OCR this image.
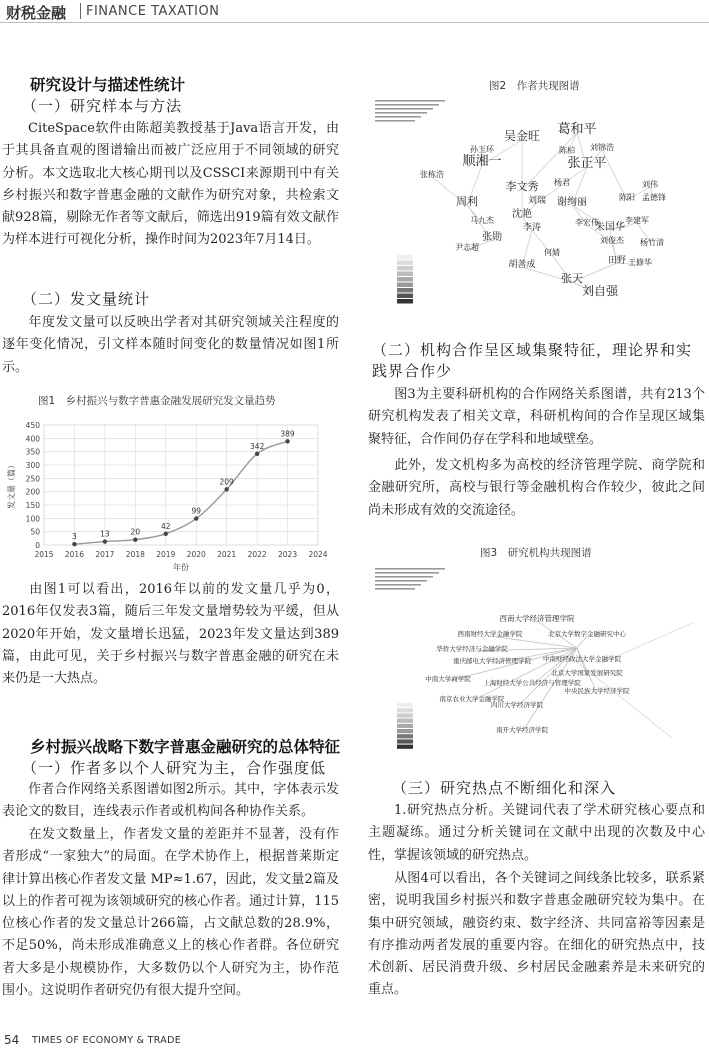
财税金融 FINANCE TAXATION
研究设计与描述性统计
（一）研究样本与方法
CiteSpace软件由陈超美教授基于Java语言开发，由于其具备直观的图谱输出而被广泛应用于不同领域的研究分析。本文选取北大核心期刊以及CSSCI来源期刊中有关乡村振兴和数字普惠金融的文献作为研究对象，共检索文献928篇，剔除无作者等文献后，筛选出919篇有效文献作为样本进行可视化分析，操作时间为2023年7月14日。
（二）发文量统计
年度发文量可以反映出学者对其研究领域关注程度的逐年变化情况，引文样本随时间变化的数量情况如图1所示。
图1　乡村振兴与数字普惠金融发展研究发文量趋势
0
50
100
150
200
250
300
350
400
450
2015 2016 2017 2018 2019 2020 2021 2022 2023 2024
3	13	20
42
99
209
342
389
年份
发文量（篇）
由图1可以看出，2016年以前的发文量几乎为0，2016年仅发表3篇，随后三年发文量增势较为平缓，但从2020年开始，发文量增长迅猛，2023年发文量达到389篇，由此可见，关于乡村振兴与数字普惠金融的研究在未来仍是一大热点。
乡村振兴战略下数字普惠金融研究的总体特征
（一）作者多以个人研究为主，合作强度低
作者合作网络关系图谱如图2所示。其中，字体表示发表论文的数目，连线表示作者或机构间各种协作关系。
在发文数量上，作者发文量的差距并不显著，没有作者形成“一家独大”的局面。在学术协作上，根据普莱斯定律计算出核心作者发文量 MP≈1.67，因此，发文量2篇及以上的作者可视为该领域研究的核心作者。通过计算，115 位核心作者的发文量总计266篇，占文献总数的28.9%，不足50%，尚未形成准确意义上的核心作者群。各位研究者大多是小规模协作，大多数仍以个人研究为主，协作范围小。这说明作者研究仍有很大提升空间。
图2　作者共现图谱
葛和平
吴金旺
顺湘一	张正平
李文秀
周利
沈艳
谢绚丽
张勋
刘自强
张天
朱国华
李涛
田野
胡善成
刘瑞
杨君
陈柏 刘锦浩
李宏伟
陈阳
刘伟
孟德锋
孙玉环
刘俊杰
王修华
马九杰
何婧
李建军
张栋浩
尹志超
杨竹清
（二）机构合作呈区域集聚特征，理论界和实践界合作少
图3为主要科研机构的合作网络关系图谱，共有213个研究机构发表了相关文章，科研机构间的合作呈现区域集聚特征，合作间仍存在学科和地域壁垒。
此外，发文机构多为高校的经济管理学院、商学院和金融研究所，高校与银行等金融机构合作较少，彼此之间尚未形成有效的交流途径。
图3　研究机构共现图谱
西南大学经济管理学院
西南财经大学金融学院	北京大学数字金融研究中心
华侨大学经济与金融学院
重庆邮电大学经济管理学院 中南财经政法大学金融学院
中南大学商学院
北京大学国家发展研究院
上海财经大学公共经济与管理学院
南京农业大学金融学院
中央民族大学经济学院
四川大学经济学院
南开大学经济学院
（三）研究热点不断细化和深入
1.研究热点分析。关键词代表了学术研究核心要点和主题凝练。通过分析关键词在文献中出现的次数及中心性，掌握该领域的研究热点。
从图4可以看出，各个关键词之间线条比较多，联系紧密，说明我国乡村振兴和数字普惠金融研究较为集中。在集中研究领域，融资约束、数字经济、共同富裕等因素是有序推动两者发展的重要内容。在细化的研究热点中，技术创新、居民消费升级、乡村居民金融素养是未来研究的重点。
54 TIMES OF ECONOMY & TRADE
